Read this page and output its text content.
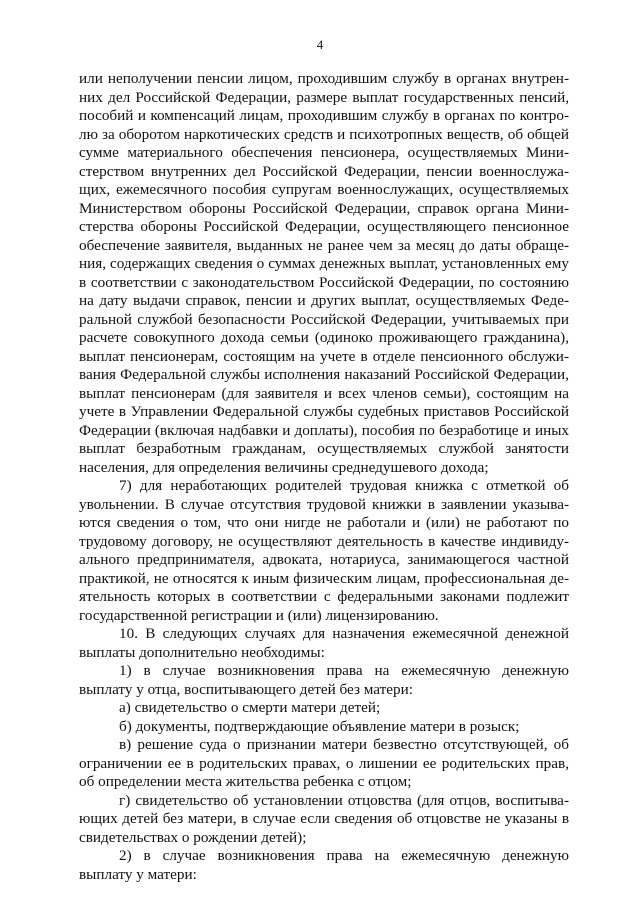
4

или неполучении пенсии лицом, проходившим службу в органах внутренних дел Российской Федерации, размере выплат государственных пенсий, пособий и компенсаций лицам, проходившим службу в органах по контролю за оборотом наркотических средств и психотропных веществ, об общей сумме материального обеспечения пенсионера, осуществляемых Министерством внутренних дел Российской Федерации, пенсии военнослужащих, ежемесячного пособия супругам военнослужащих, осуществляемых Министерством обороны Российской Федерации, справок органа Министерства обороны Российской Федерации, осуществляющего пенсионное обеспечение заявителя, выданных не ранее чем за месяц до даты обращения, содержащих сведения о суммах денежных выплат, установленных ему в соответствии с законодательством Российской Федерации, по состоянию на дату выдачи справок, пенсии и других выплат, осуществляемых Федеральной службой безопасности Российской Федерации, учитываемых при расчете совокупного дохода семьи (одиноко проживающего гражданина), выплат пенсионерам, состоящим на учете в отделе пенсионного обслуживания Федеральной службы исполнения наказаний Российской Федерации, выплат пенсионерам (для заявителя и всех членов семьи), состоящим на учете в Управлении Федеральной службы судебных приставов Российской Федерации (включая надбавки и доплаты), пособия по безработице и иных выплат безработным гражданам, осуществляемых службой занятости населения, для определения величины среднедушевого дохода;

7) для неработающих родителей трудовая книжка с отметкой об увольнении. В случае отсутствия трудовой книжки в заявлении указываются сведения о том, что они нигде не работали и (или) не работают по трудовому договору, не осуществляют деятельность в качестве индивидуального предпринимателя, адвоката, нотариуса, занимающегося частной практикой, не относятся к иным физическим лицам, профессиональная деятельность которых в соответствии с федеральными законами подлежит государственной регистрации и (или) лицензированию.

10. В следующих случаях для назначения ежемесячной денежной выплаты дополнительно необходимы:

1) в случае возникновения права на ежемесячную денежную выплату у отца, воспитывающего детей без матери:

а) свидетельство о смерти матери детей;

б) документы, подтверждающие объявление матери в розыск;

в) решение суда о признании матери безвестно отсутствующей, об ограничении ее в родительских правах, о лишении ее родительских прав, об определении места жительства ребенка с отцом;

г) свидетельство об установлении отцовства (для отцов, воспитывающих детей без матери, в случае если сведения об отцовстве не указаны в свидетельствах о рождении детей);

2) в случае возникновения права на ежемесячную денежную выплату у матери:
